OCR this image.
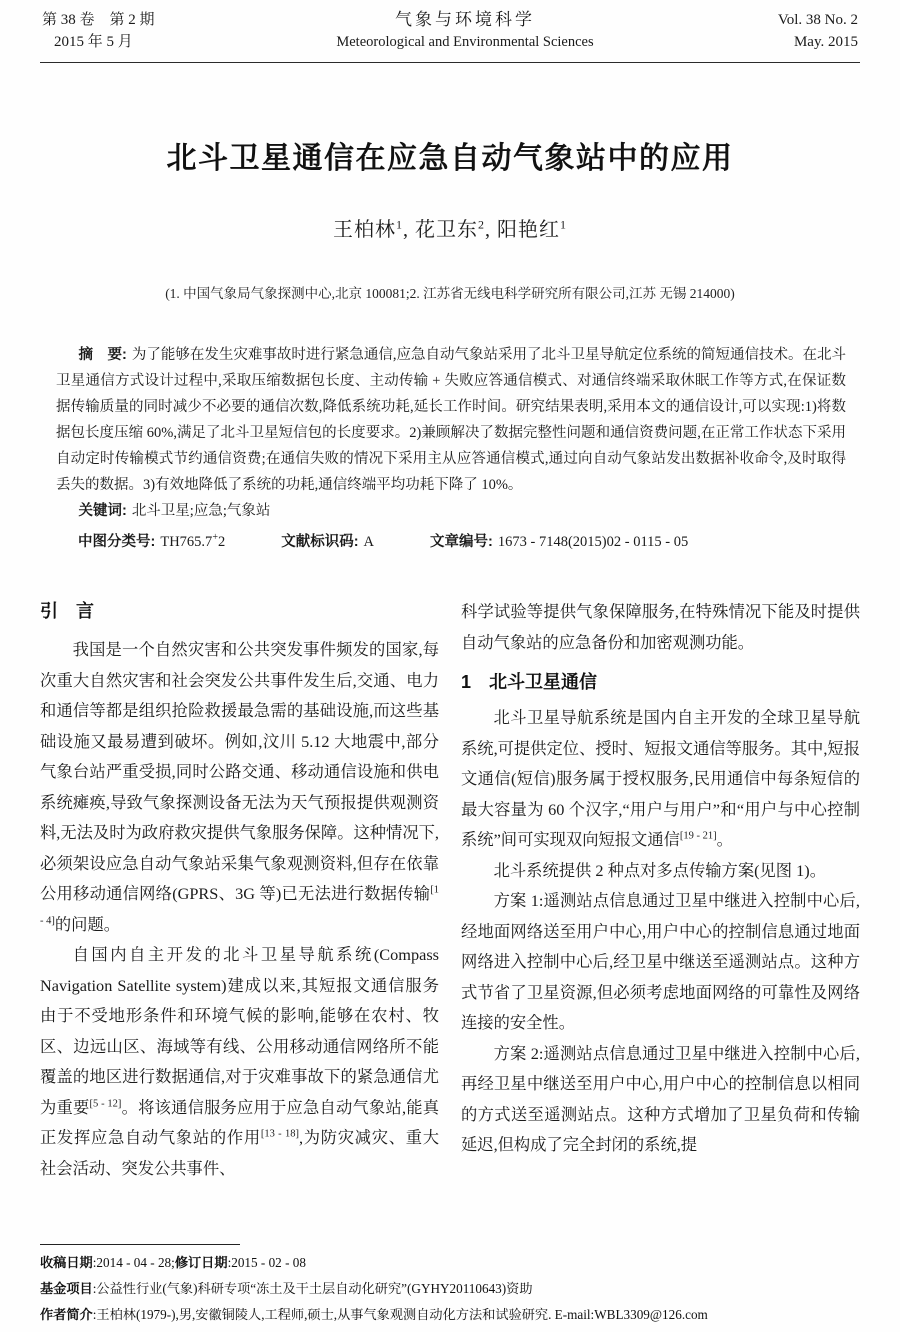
第 38 卷　第 2 期
2015 年 5 月
气象与环境科学
Meteorological and Environmental Sciences
Vol. 38 No. 2
May. 2015
北斗卫星通信在应急自动气象站中的应用
王柏林$^1$, 花卫东$^2$, 阳艳红$^1$
(1. 中国气象局气象探测中心,北京 100081;2. 江苏省无线电科学研究所有限公司,江苏 无锡 214000)

摘　要: 为了能够在发生灾难事故时进行紧急通信,应急自动气象站采用了北斗卫星导航定位系统的简短通信技术。在北斗卫星通信方式设计过程中,采取压缩数据包长度、主动传输 + 失败应答通信模式、对通信终端采取休眠工作等方式,在保证数据传输质量的同时减少不必要的通信次数,降低系统功耗,延长工作时间。研究结果表明,采用本文的通信设计,可以实现:1)将数据包长度压缩 60%,满足了北斗卫星短信包的长度要求。2)兼顾解决了数据完整性问题和通信资费问题,在正常工作状态下采用自动定时传输模式节约通信资费;在通信失败的情况下采用主从应答通信模式,通过向自动气象站发出数据补收命令,及时取得丢失的数据。3)有效地降低了系统的功耗,通信终端平均功耗下降了 10%。

关键词: 北斗卫星;应急;气象站

中图分类号: TH765.7+2	文献标识码: A	文章编号: 1673 - 7148(2015)02 - 0115 - 05
引　言

我国是一个自然灾害和公共突发事件频发的国家,每次重大自然灾害和社会突发公共事件发生后,交通、电力和通信等都是组织抢险救援最急需的基础设施,而这些基础设施又最易遭到破坏。例如,汶川 5.12 大地震中,部分气象台站严重受损,同时公路交通、移动通信设施和供电系统瘫痪,导致气象探测设备无法为天气预报提供观测资料,无法及时为政府救灾提供气象服务保障。这种情况下,必须架设应急自动气象站采集气象观测资料,但存在依靠公用移动通信网络(GPRS、3G 等)已无法进行数据传输[1 - 4]的问题。

自国内自主开发的北斗卫星导航系统(Compass Navigation Satellite system)建成以来,其短报文通信服务由于不受地形条件和环境气候的影响,能够在农村、牧区、边远山区、海域等有线、公用移动通信网络所不能覆盖的地区进行数据通信,对于灾难事故下的紧急通信尤为重要[5 - 12]。将该通信服务应用于应急自动气象站,能真正发挥应急自动气象站的作用[13 - 18],为防灾减灾、重大社会活动、突发公共事件、

科学试验等提供气象保障服务,在特殊情况下能及时提供自动气象站的应急备份和加密观测功能。

1　北斗卫星通信

北斗卫星导航系统是国内自主开发的全球卫星导航系统,可提供定位、授时、短报文通信等服务。其中,短报文通信(短信)服务属于授权服务,民用通信中每条短信的最大容量为 60 个汉字,“用户与用户”和“用户与中心控制系统”间可实现双向短报文通信[19 - 21]。

北斗系统提供 2 种点对多点传输方案(见图 1)。

方案 1:遥测站点信息通过卫星中继进入控制中心后,经地面网络送至用户中心,用户中心的控制信息通过地面网络进入控制中心后,经卫星中继送至遥测站点。这种方式节省了卫星资源,但必须考虑地面网络的可靠性及网络连接的安全性。

方案 2:遥测站点信息通过卫星中继进入控制中心后,再经卫星中继送至用户中心,用户中心的控制信息以相同的方式送至遥测站点。这种方式增加了卫星负荷和传输延迟,但构成了完全封闭的系统,提

收稿日期:2014 - 04 - 28;修订日期:2015 - 02 - 08
基金项目:公益性行业(气象)科研专项“冻土及干土层自动化研究”(GYHY20110643)资助
作者简介:王柏林(1979-),男,安徽铜陵人,工程师,硕士,从事气象观测自动化方法和试验研究. E-mail:WBL3309@126.com
